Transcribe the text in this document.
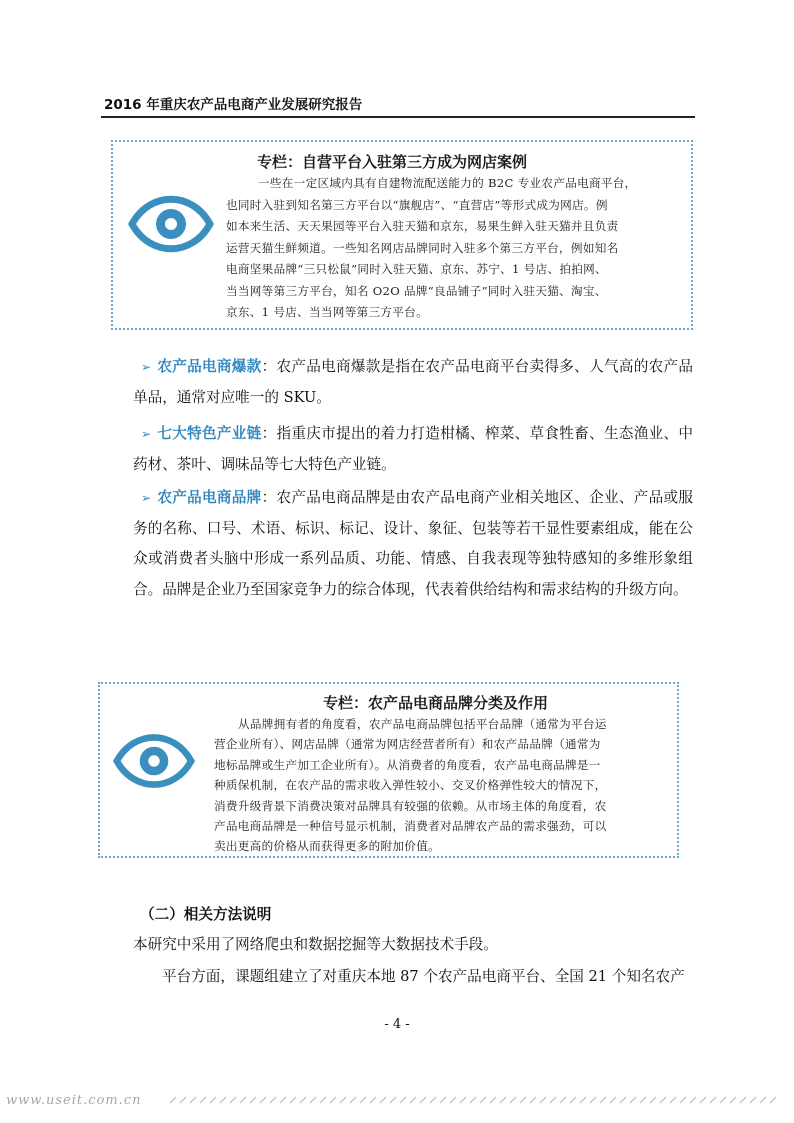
2016 年重庆农产品电商产业发展研究报告
专栏：自营平台入驻第三方成为网店案例
一些在一定区域内具有自建物流配送能力的 B2C 专业农产品电商平台，
也同时入驻到知名第三方平台以“旗舰店”、“直营店”等形式成为网店。例
如本来生活、天天果园等平台入驻天猫和京东，易果生鲜入驻天猫并且负责
运营天猫生鲜频道。一些知名网店品牌同时入驻多个第三方平台，例如知名
电商坚果品牌“三只松鼠”同时入驻天猫、京东、苏宁、1 号店、拍拍网、
当当网等第三方平台，知名 O2O 品牌“良品铺子”同时入驻天猫、淘宝、
京东、1 号店、当当网等第三方平台。
➢ 农产品电商爆款：农产品电商爆款是指在农产品电商平台卖得多、人气高的农产品单品，通常对应唯一的 SKU。
➢ 七大特色产业链：指重庆市提出的着力打造柑橘、榨菜、草食牲畜、生态渔业、中药材、茶叶、调味品等七大特色产业链。
➢ 农产品电商品牌：农产品电商品牌是由农产品电商产业相关地区、企业、产品或服务的名称、口号、术语、标识、标记、设计、象征、包装等若干显性要素组成，能在公众或消费者头脑中形成一系列品质、功能、情感、自我表现等独特感知的多维形象组合。品牌是企业乃至国家竞争力的综合体现，代表着供给结构和需求结构的升级方向。
专栏：农产品电商品牌分类及作用
从品牌拥有者的角度看，农产品电商品牌包括平台品牌（通常为平台运
营企业所有）、网店品牌（通常为网店经营者所有）和农产品品牌（通常为
地标品牌或生产加工企业所有）。从消费者的角度看，农产品电商品牌是一
种质保机制，在农产品的需求收入弹性较小、交叉价格弹性较大的情况下，
消费升级背景下消费决策对品牌具有较强的依赖。从市场主体的角度看，农
产品电商品牌是一种信号显示机制，消费者对品牌农产品的需求强劲，可以
卖出更高的价格从而获得更多的附加价值。
（二）相关方法说明
本研究中采用了网络爬虫和数据挖掘等大数据技术手段。
平台方面，课题组建立了对重庆本地 87 个农产品电商平台、全国 21 个知名农产
- 4 -
www.useit.com.cn
